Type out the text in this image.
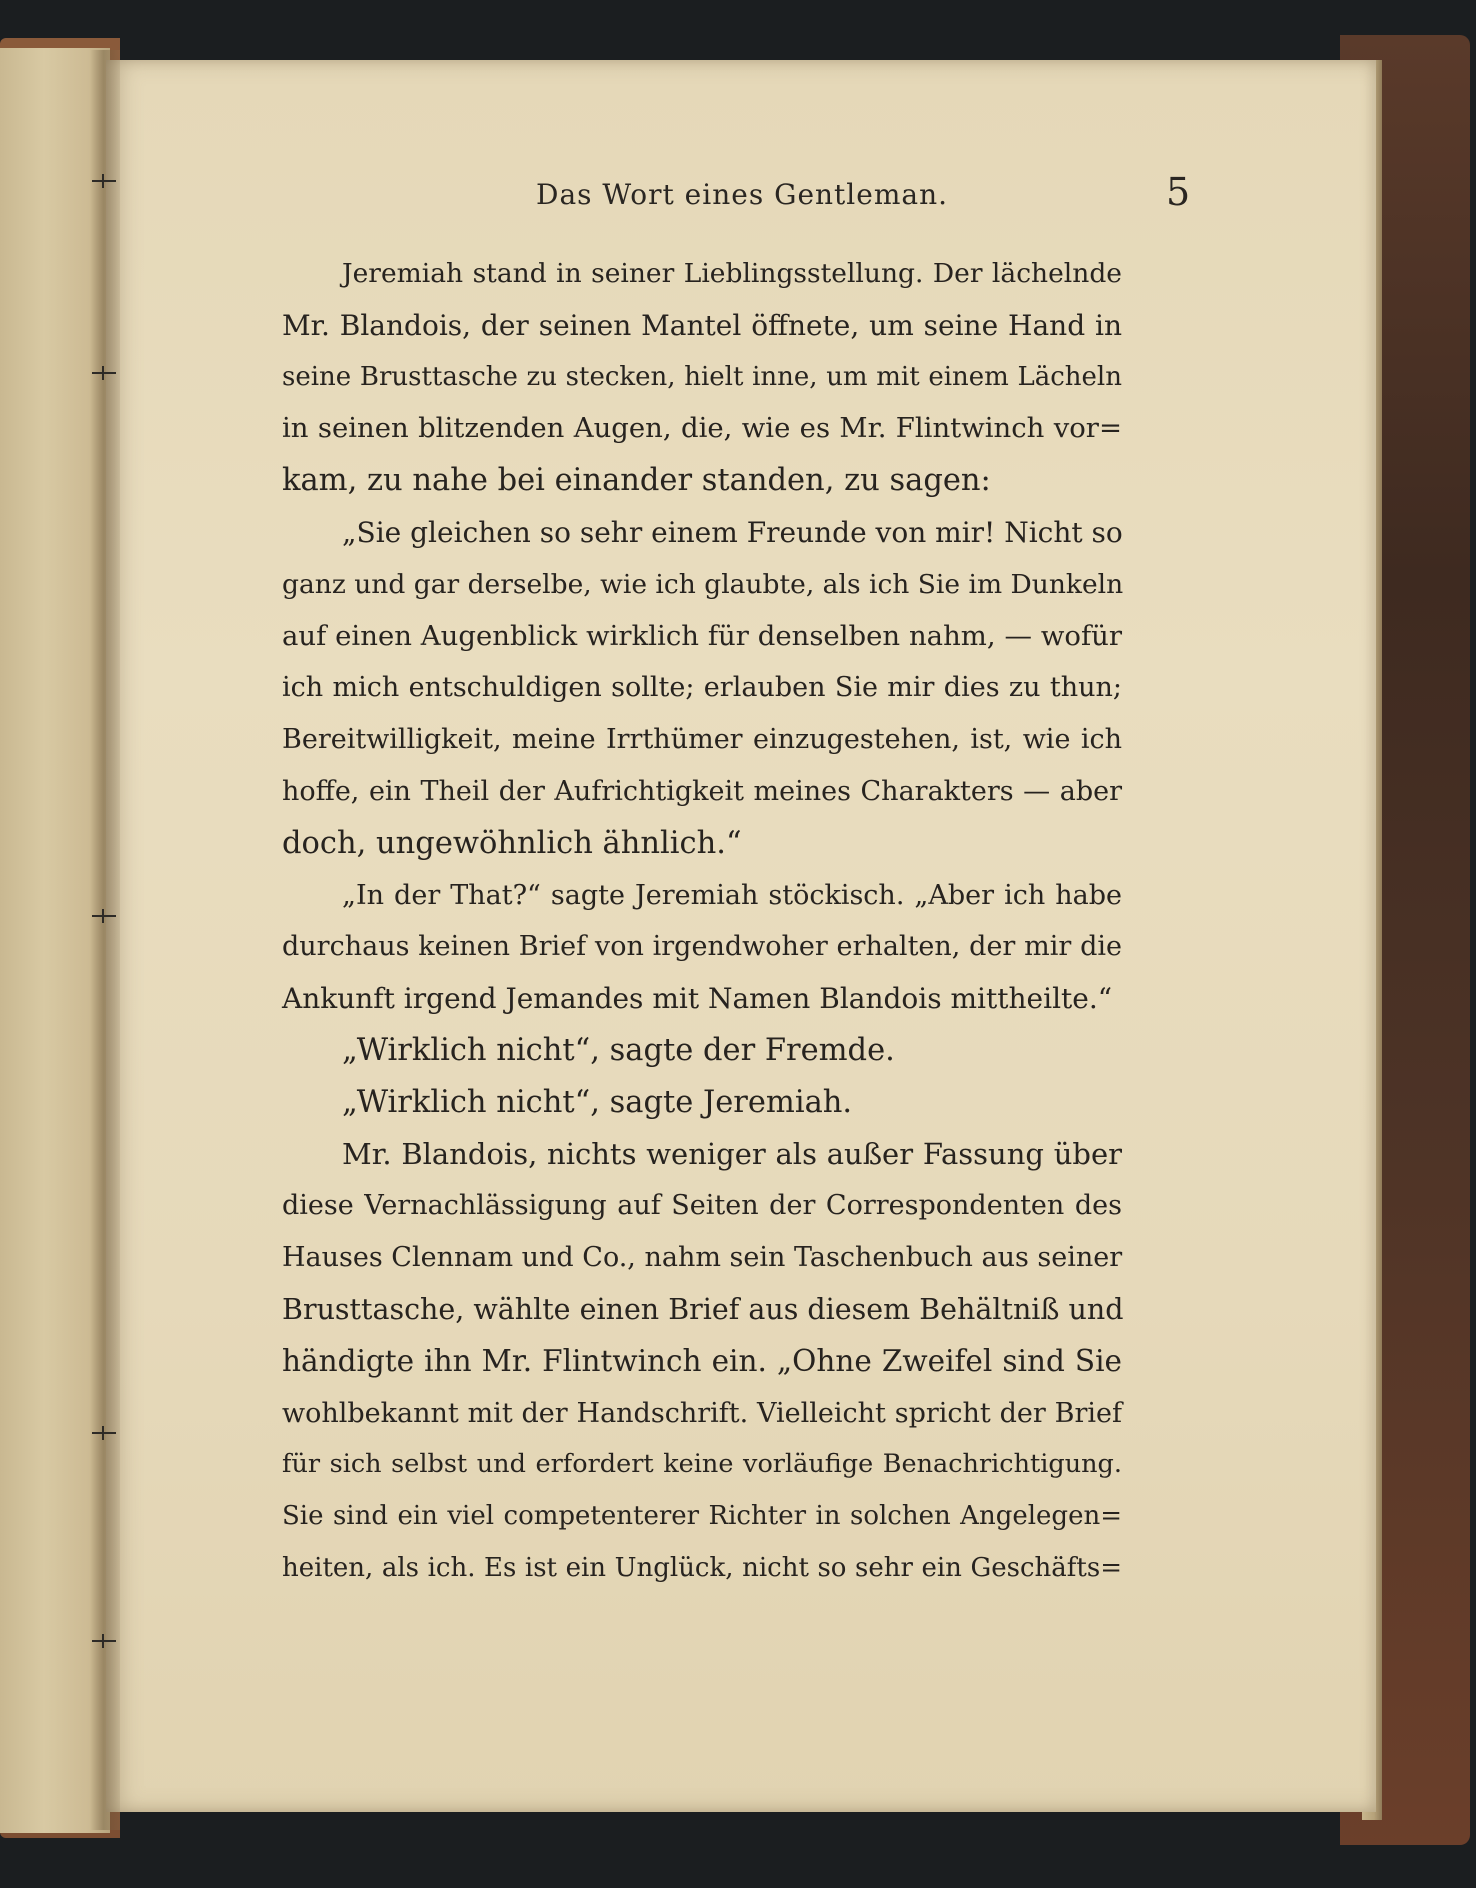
Das Wort eines Gentleman.	5
Jeremiah stand in seiner Lieblingsstellung. Der lächelnde
Mr. Blandois, der seinen Mantel öffnete, um seine Hand in
seine Brusttasche zu stecken, hielt inne, um mit einem Lächeln
in seinen blitzenden Augen, die, wie es Mr. Flintwinch vor=
kam, zu nahe bei einander standen, zu sagen:
„Sie gleichen so sehr einem Freunde von mir! Nicht so
ganz und gar derselbe, wie ich glaubte, als ich Sie im Dunkeln
auf einen Augenblick wirklich für denselben nahm, — wofür
ich mich entschuldigen sollte; erlauben Sie mir dies zu thun;
Bereitwilligkeit, meine Irrthümer einzugestehen, ist, wie ich
hoffe, ein Theil der Aufrichtigkeit meines Charakters — aber
doch, ungewöhnlich ähnlich.“
„In der That?“ sagte Jeremiah stöckisch. „Aber ich habe
durchaus keinen Brief von irgendwoher erhalten, der mir die
Ankunft irgend Jemandes mit Namen Blandois mittheilte.“
„Wirklich nicht“, sagte der Fremde.
„Wirklich nicht“, sagte Jeremiah.
Mr. Blandois, nichts weniger als außer Fassung über
diese Vernachlässigung auf Seiten der Correspondenten des
Hauses Clennam und Co., nahm sein Taschenbuch aus seiner
Brusttasche, wählte einen Brief aus diesem Behältniß und
händigte ihn Mr. Flintwinch ein. „Ohne Zweifel sind Sie
wohlbekannt mit der Handschrift. Vielleicht spricht der Brief
für sich selbst und erfordert keine vorläufige Benachrichtigung.
Sie sind ein viel competenterer Richter in solchen Angelegen=
heiten, als ich. Es ist ein Unglück, nicht so sehr ein Geschäfts=
